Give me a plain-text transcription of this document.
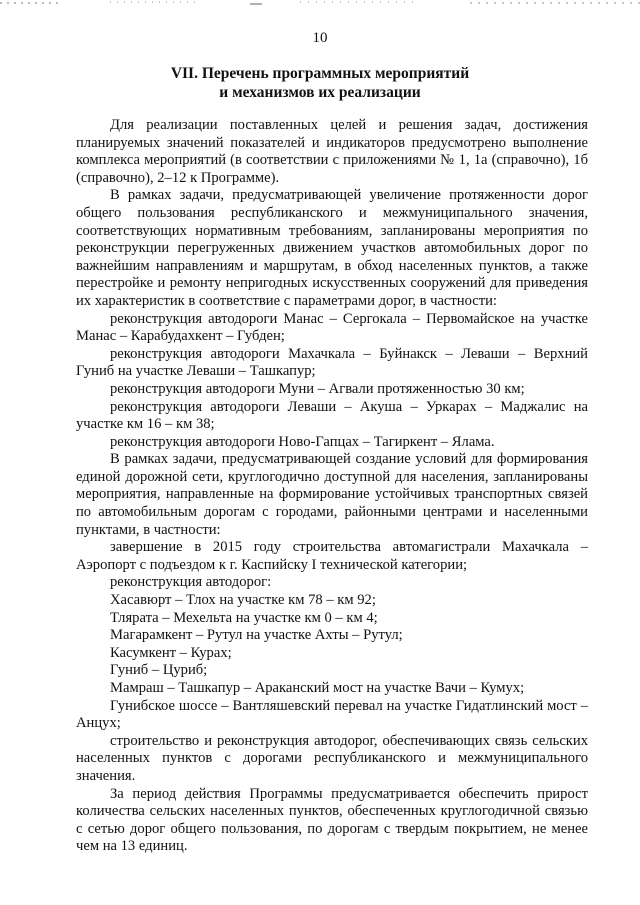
10
VII. Перечень программных мероприятий
и механизмов их реализации

Для реализации поставленных целей и решения задач, достижения планируемых значений показателей и индикаторов предусмотрено выполнение комплекса мероприятий (в соответствии с приложениями № 1, 1а (справочно), 1б (справочно), 2–12 к Программе).

В рамках задачи, предусматривающей увеличение протяженности дорог общего пользования республиканского и межмуниципального значения, соответствующих нормативным требованиям, запланированы мероприятия по реконструкции перегруженных движением участков автомобильных дорог по важнейшим направлениям и маршрутам, в обход населенных пунктов, а также перестройке и ремонту непригодных искусственных сооружений для приведения их характеристик в соответствие с параметрами дорог, в частности:

реконструкция автодороги Манас – Сергокала – Первомайское на участке Манас – Карабудахкент – Губден;

реконструкция автодороги Махачкала – Буйнакск – Леваши – Верхний Гуниб на участке Леваши – Ташкапур;

реконструкция автодороги Муни – Агвали протяженностью 30 км;

реконструкция автодороги Леваши – Акуша – Уркарах – Маджалис на участке км 16 – км 38;

реконструкция автодороги Ново-Гапцах – Тагиркент – Ялама.

В рамках задачи, предусматривающей создание условий для формирования единой дорожной сети, круглогодично доступной для населения, запланированы мероприятия, направленные на формирование устойчивых транспортных связей по автомобильным дорогам с городами, районными центрами и населенными пунктами, в частности:

завершение в 2015 году строительства автомагистрали Махачкала – Аэропорт с подъездом к г. Каспийску I технической категории;

реконструкция автодорог:

Хасавюрт – Тлох на участке км 78 – км 92;

Тлярата – Мехельта на участке км 0 – км 4;

Магарамкент – Рутул на участке Ахты – Рутул;

Касумкент – Курах;

Гуниб – Цуриб;

Мамраш – Ташкапур – Араканский мост на участке Вачи – Кумух;

Гунибское шоссе – Вантляшевский перевал на участке Гидатлинский мост – Анцух;

строительство и реконструкция автодорог, обеспечивающих связь сельских населенных пунктов с дорогами республиканского и межмуниципального значения.

За период действия Программы предусматривается обеспечить прирост количества сельских населенных пунктов, обеспеченных круглогодичной связью с сетью дорог общего пользования, по дорогам с твердым покрытием, не менее чем на 13 единиц.
